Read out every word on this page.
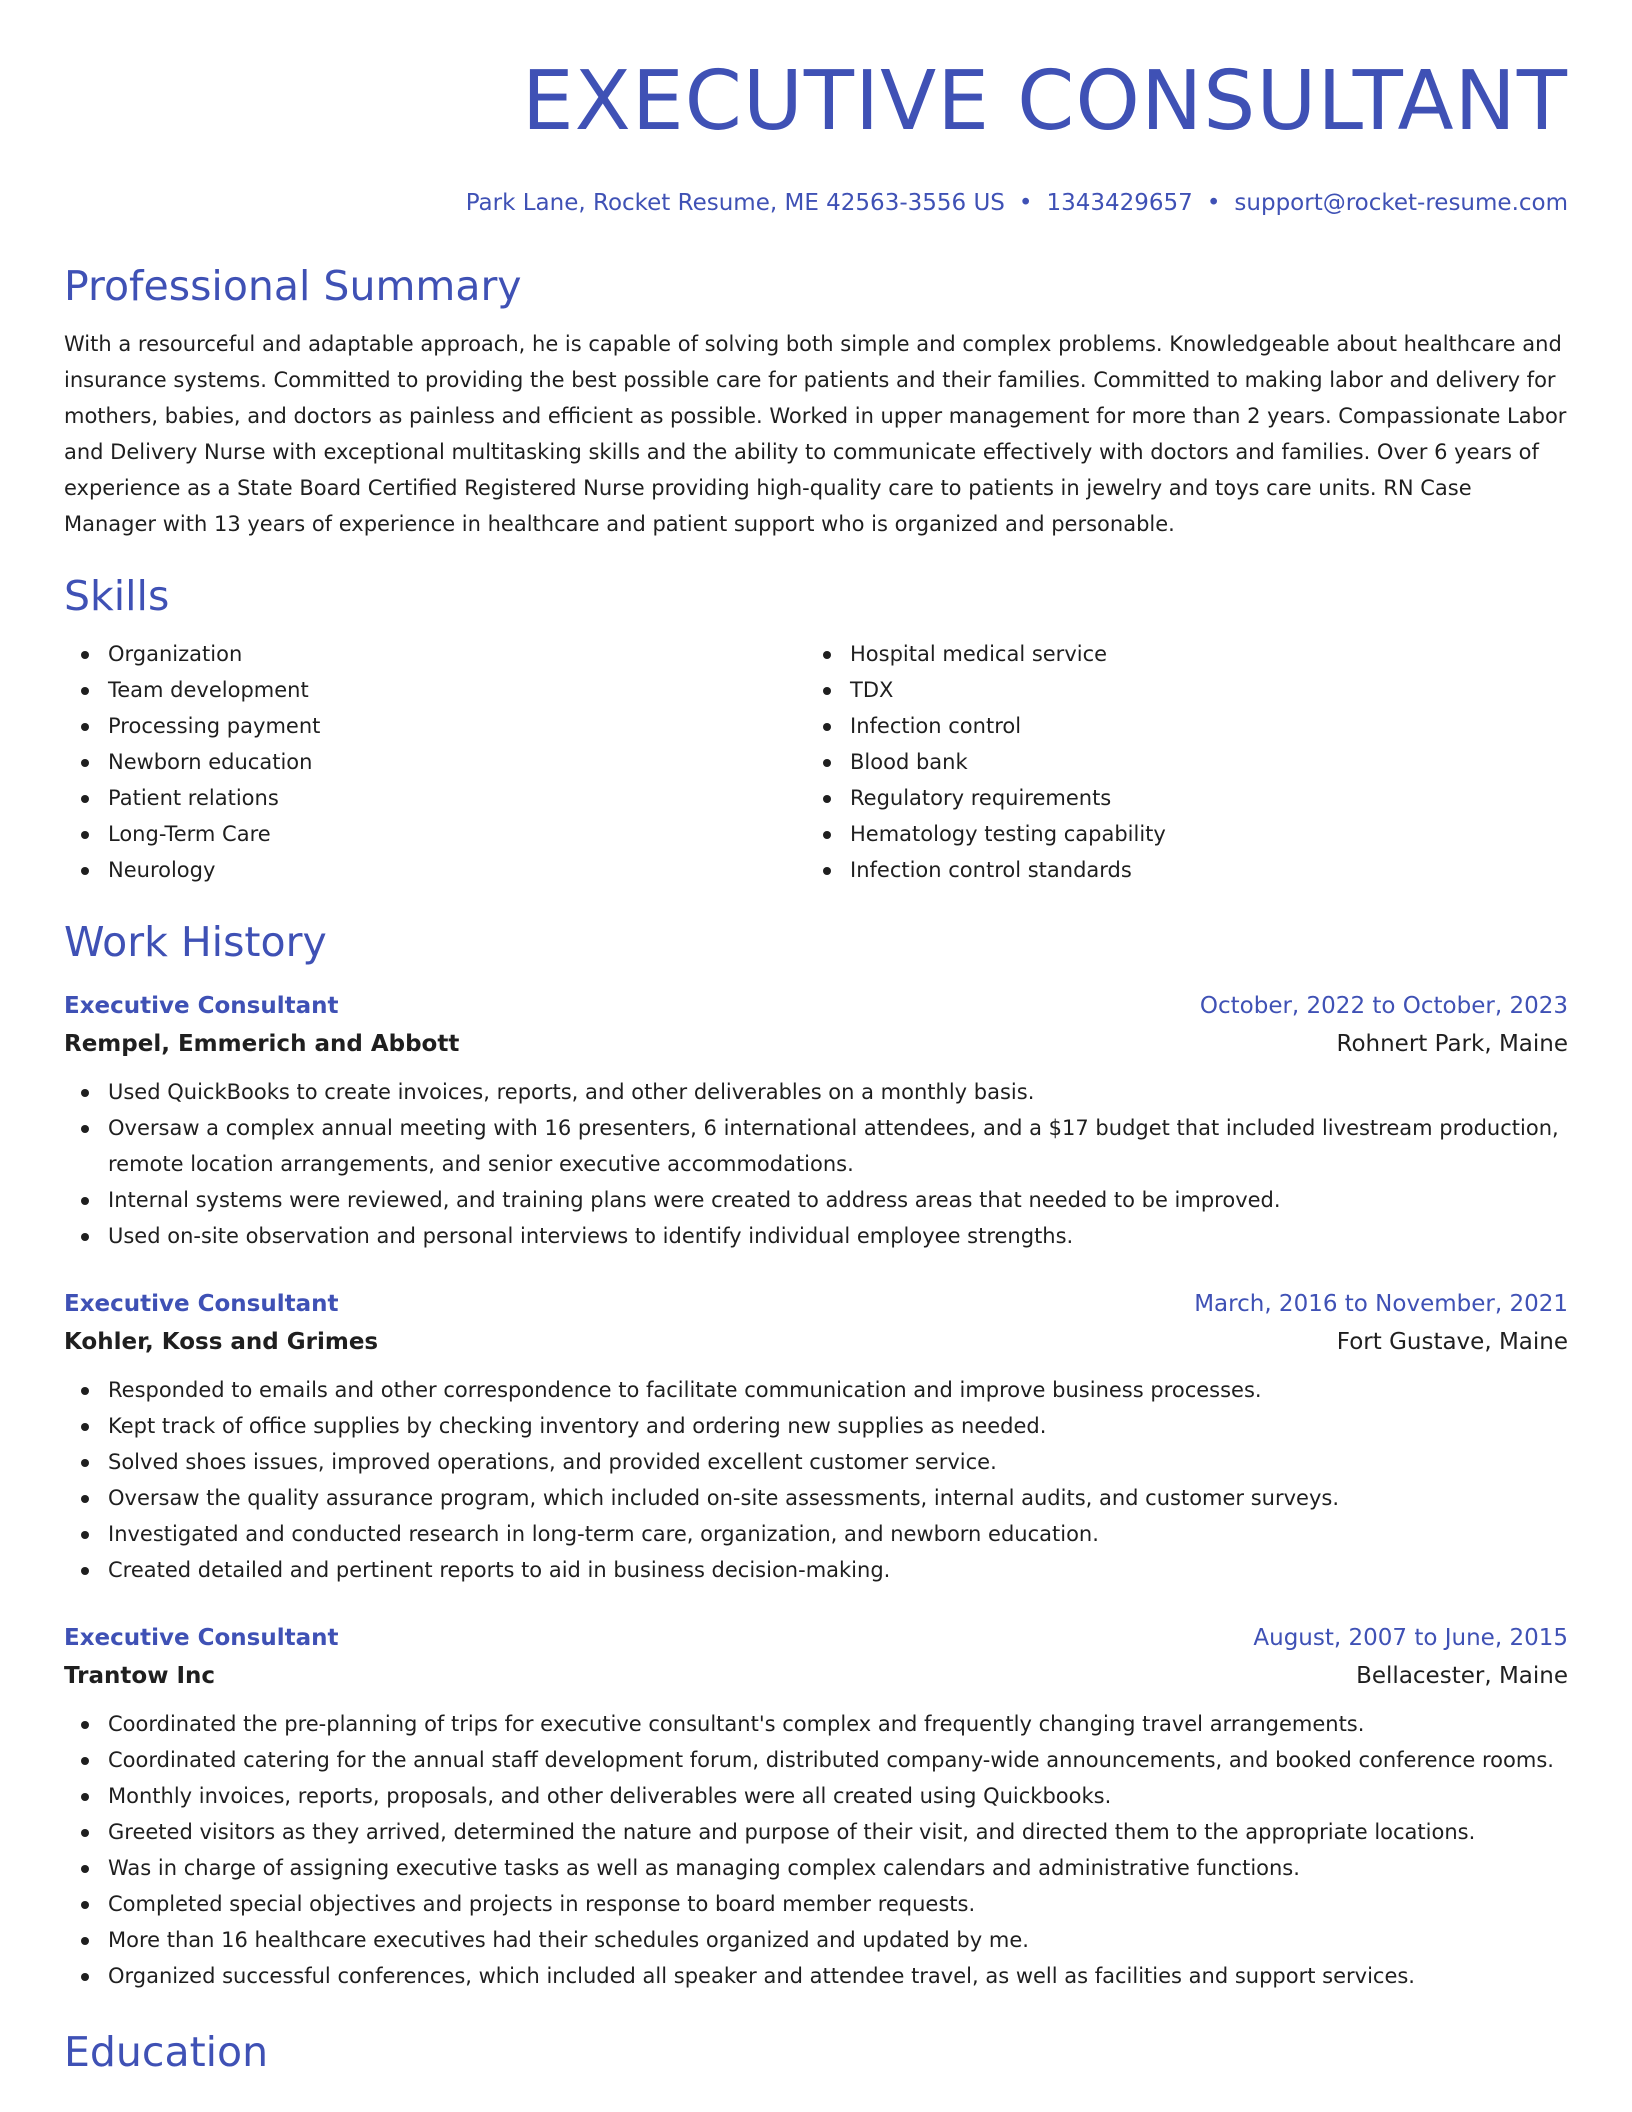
EXECUTIVE CONSULTANT
Park Lane, Rocket Resume, ME 42563-3556 US • 1343429657 • support@rocket-resume.com
Professional Summary
With a resourceful and adaptable approach, he is capable of solving both simple and complex problems. Knowledgeable about healthcare and insurance systems. Committed to providing the best possible care for patients and their families. Committed to making labor and delivery for mothers, babies, and doctors as painless and efficient as possible. Worked in upper management for more than 2 years. Compassionate Labor and Delivery Nurse with exceptional multitasking skills and the ability to communicate effectively with doctors and families. Over 6 years of experience as a State Board Certified Registered Nurse providing high-quality care to patients in jewelry and toys care units. RN Case Manager with 13 years of experience in healthcare and patient support who is organized and personable.
Skills
Organization
Team development
Processing payment
Newborn education
Patient relations
Long-Term Care
Neurology
Hospital medical service
TDX
Infection control
Blood bank
Regulatory requirements
Hematology testing capability
Infection control standards
Work History
Executive Consultant	October, 2022 to October, 2023
Rempel, Emmerich and Abbott	Rohnert Park, Maine
Used QuickBooks to create invoices, reports, and other deliverables on a monthly basis.
Oversaw a complex annual meeting with 16 presenters, 6 international attendees, and a $17 budget that included livestream production, remote location arrangements, and senior executive accommodations.
Internal systems were reviewed, and training plans were created to address areas that needed to be improved.
Used on-site observation and personal interviews to identify individual employee strengths.
Executive Consultant	March, 2016 to November, 2021
Kohler, Koss and Grimes	Fort Gustave, Maine
Responded to emails and other correspondence to facilitate communication and improve business processes.
Kept track of office supplies by checking inventory and ordering new supplies as needed.
Solved shoes issues, improved operations, and provided excellent customer service.
Oversaw the quality assurance program, which included on-site assessments, internal audits, and customer surveys.
Investigated and conducted research in long-term care, organization, and newborn education.
Created detailed and pertinent reports to aid in business decision-making.
Executive Consultant	August, 2007 to June, 2015
Trantow Inc	Bellacester, Maine
Coordinated the pre-planning of trips for executive consultant's complex and frequently changing travel arrangements.
Coordinated catering for the annual staff development forum, distributed company-wide announcements, and booked conference rooms.
Monthly invoices, reports, proposals, and other deliverables were all created using Quickbooks.
Greeted visitors as they arrived, determined the nature and purpose of their visit, and directed them to the appropriate locations.
Was in charge of assigning executive tasks as well as managing complex calendars and administrative functions.
Completed special objectives and projects in response to board member requests.
More than 16 healthcare executives had their schedules organized and updated by me.
Organized successful conferences, which included all speaker and attendee travel, as well as facilities and support services.
Education
